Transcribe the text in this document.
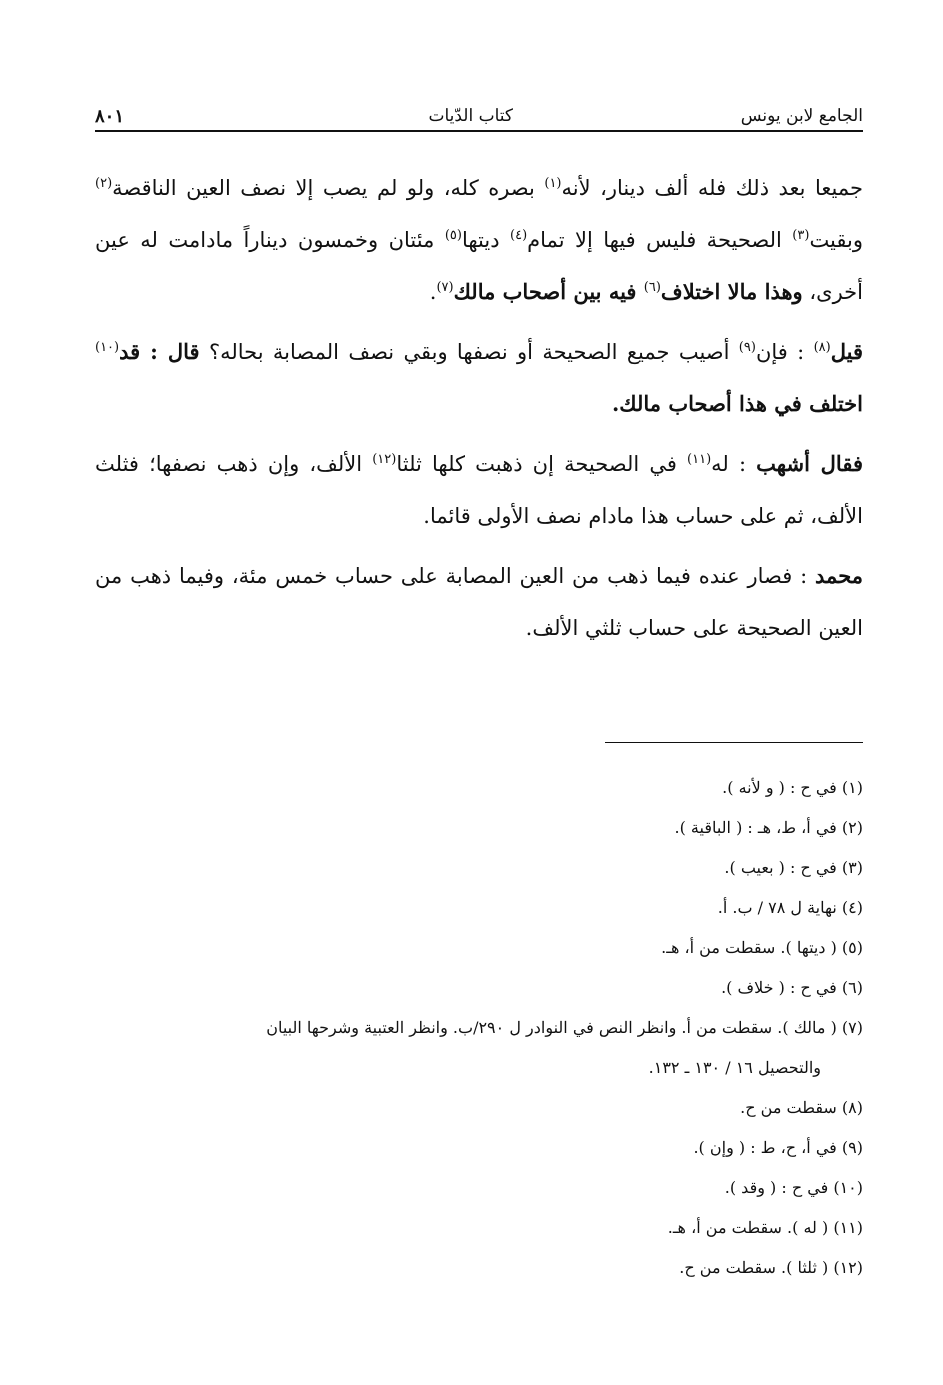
الجامع لابن يونس
كتاب الدّيات
٨٠١

جميعا بعد ذلك فله ألف دينار، لأنه$^{(١)}$ بصره كله، ولو لم يصب إلا نصف العين الناقصة$^{(٢)}$ وبقيت$^{(٣)}$ الصحيحة فليس فيها إلا تمام$^{(٤)}$ ديتها$^{(٥)}$ مئتان وخمسون ديناراً مادامت له عين أخرى، وهذا مالا اختلاف$^{(٦)}$ فيه بين أصحاب مالك$^{(٧)}$.

قيل$^{(٨)}$ : فإن$^{(٩)}$ أصيب جميع الصحيحة أو نصفها وبقي نصف المصابة بحاله؟ قال : قد$^{(١٠)}$ اختلف في هذا أصحاب مالك.

فقال أشهب : له$^{(١١)}$ في الصحيحة إن ذهبت كلها ثلثا$^{(١٢)}$ الألف، وإن ذهب نصفها؛ فثلث الألف، ثم على حساب هذا مادام نصف الأولى قائما.

محمد : فصار عنده فيما ذهب من العين المصابة على حساب خمس مئة، وفيما ذهب من العين الصحيحة على حساب ثلثي الألف.

(١) في ح : ( و لأنه ).
(٢) في أ، ط، هـ : ( الباقية ).
(٣) في ح : ( بعيب ).
(٤) نهاية ل ٧٨ / ب. أ.
(٥) ( ديتها ). سقطت من أ، هـ.
(٦) في ح : ( خلاف ).
(٧) ( مالك ). سقطت من أ. وانظر النص في النوادر ل ٢٩٠/ب. وانظر العتبية وشرحها البيان
والتحصيل ١٦ / ١٣٠ ـ ١٣٢.
(٨) سقطت من ح.
(٩) في أ، ح، ط : ( وإن ).
(١٠) في ح : ( وقد ).
(١١) ( له ). سقطت من أ، هـ.
(١٢) ( ثلثا ). سقطت من ح.
